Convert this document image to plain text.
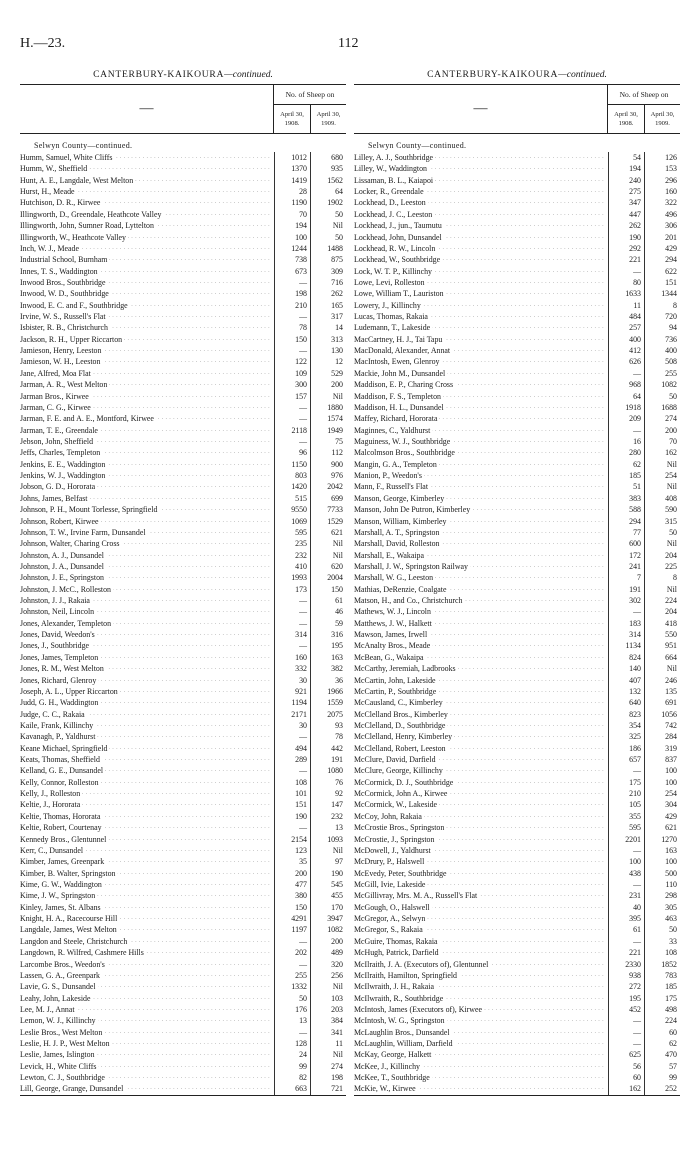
H.—23.	112
CANTERBURY-KAIKOURA—continued.
—
No. of Sheep on
April 30, 1908.
April 30, 1909.
Selwyn County—continued.
Humm, Samuel, White Cliffs . . .	1012	680
Humm, W., Sheffield . . .	1370	935
Hunt, A. E., Langdale, West Melton . . .	1419	1562
Hurst, H., Meade . . .	28	64
Hutchison, D. R., Kirwee . . .	1190	1902
Illingworth, D., Greendale, Heathcote Valley . . .	70	50
Illingworth, John, Sumner Road, Lyttelton . . .	194	Nil
Illingworth, W., Heathcote Valley . . .	100	50
Inch, W. J., Meade . . .	1244	1488
Industrial School, Burnham . . .	738	875
Innes, T. S., Waddington . . .	673	309
Inwood Bros., Southbridge . . .	—	716
Inwood, W. D., Southbridge . . .	198	262
Inwood, E. C. and F., Southbridge . . .	210	165
Irvine, W. S., Russell's Flat . . .	—	317
Isbister, R. B., Christchurch . . .	78	14
Jackson, R. H., Upper Riccarton . . .	150	313
Jamieson, Henry, Leeston . . .	—	130
Jamieson, W. H., Leeston . . .	122	12
Jane, Alfred, Moa Flat . . .	109	529
Jarman, A. R., West Melton . . .	300	200
Jarman Bros., Kirwee . . .	157	Nil
Jarman, C. G., Kirwee . . .	—	1880
Jarman, F. E. and A. E., Montford, Kirwee . . .	—	1574
Jarman, T. E., Greendale . . .	2118	1949
Jebson, John, Sheffield . . .	—	75
Jeffs, Charles, Templeton . . .	96	112
Jenkins, E. E., Waddington . . .	1150	900
Jenkins, W. J., Waddington . . .	803	976
Jobson, G. D., Hororata . . .	1420	2042
Johns, James, Belfast . . .	515	699
Johnson, P. H., Mount Torlesse, Springfield . . .	9550	7733
Johnson, Robert, Kirwee . . .	1069	1529
Johnson, T. W., Irvine Farm, Dunsandel . . .	595	621
Johnson, Walter, Charing Cross . . .	235	Nil
Johnston, A. J., Dunsandel . . .	232	Nil
Johnston, J. A., Dunsandel . . .	410	620
Johnston, J. E., Springston . . .	1993	2004
Johnston, J. McC., Rolleston . . .	173	150
Johnston, J. J., Rakaia . . .	—	61
Johnston, Neil, Lincoln . . .	—	46
Jones, Alexander, Templeton . . .	—	59
Jones, David, Weedon's . . .	314	316
Jones, J., Southbridge . . .	—	195
Jones, James, Templeton . . .	160	163
Jones, R. M., West Melton . . .	332	382
Jones, Richard, Glenroy . . .	30	36
Joseph, A. L., Upper Riccarton . . .	921	1966
Judd, G. H., Waddington . . .	1194	1559
Judge, C. C., Rakaia . . .	2171	2075
Kaile, Frank, Killinchy . . .	30	93
Kavanagh, P., Yaldhurst . . .	—	78
Keane Michael, Springfield . . .	494	442
Keats, Thomas, Sheffield . . .	289	191
Kelland, G. E., Dunsandel . . .	—	1080
Kelly, Connor, Rolleston . . .	108	76
Kelly, J., Rolleston . . .	101	92
Keltie, J., Hororata . . .	151	147
Keltie, Thomas, Hororata . . .	190	232
Keltie, Robert, Courtenay . . .	—	13
Kennedy Bros., Glentunnel . . .	2154	1093
Kerr, C., Dunsandel . . .	123	Nil
Kimber, James, Greenpark . . .	35	97
Kimber, B. Walter, Springston . . .	200	190
Kime, G. W., Waddington . . .	477	545
Kime, J. W., Springston . . .	380	455
Kinley, James, St. Albans . . .	150	170
Knight, H. A., Racecourse Hill . . .	4291	3947
Langdale, James, West Melton . . .	1197	1082
Langdon and Steele, Christchurch . . .	—	200
Langdown, R. Wilfred, Cashmere Hills . . .	202	489
Larcombe Bros., Weedon's . . .	—	320
Lassen, G. A., Greenpark . . .	255	256
Lavie, G. S., Dunsandel . . .	1332	Nil
Leahy, John, Lakeside . . .	50	103
Lee, M. J., Annat . . .	176	203
Lemon, W. J., Killinchy . . .	13	384
Leslie Bros., West Melton . . .	—	341
Leslie, H. J. P., West Melton . . .	128	11
Leslie, James, Islington . . .	24	Nil
Levick, H., White Cliffs . . .	99	274
Lewton, C. J., Southbridge . . .	82	198
Lill, George, Grange, Dunsandel . . .	663	721
CANTERBURY-KAIKOURA—continued.
—
No. of Sheep on
April 30, 1908.
April 30, 1909.
Selwyn County—continued.
Lilley, A. J., Southbridge . . .	54	126
Lilley, W., Waddington . . .	194	153
Lissaman, B. L., Kaiapoi . . .	240	296
Locker, R., Greendale . . .	275	160
Lockhead, D., Leeston . . .	347	322
Lockhead, J. C., Leeston . . .	447	496
Lockhead, J., jun., Taumutu . . .	262	306
Lockhead, John, Dunsandel . . .	190	201
Lockhead, R. W., Lincoln . . .	292	429
Lockhead, W., Southbridge . . .	221	294
Lock, W. T. P., Killinchy . . .	—	622
Lowe, Levi, Rolleston . . .	80	151
Lowe, William T., Lauriston . . .	1633	1344
Lowery, J., Killinchy . . .	11	8
Lucas, Thomas, Rakaia . . .	484	720
Ludemann, T., Lakeside . . .	257	94
MacCartney, H. J., Tai Tapu . . .	400	736
MacDonald, Alexander, Annat . . .	412	400
MacIntosh, Ewen, Glenroy . . .	626	508
Mackie, John M., Dunsandel . . .	—	255
Maddison, E. P., Charing Cross . . .	968	1082
Maddison, F. S., Templeton . . .	64	50
Maddison, H. L., Dunsandel . . .	1918	1688
Maffey, Richard, Hororata . . .	209	274
Maginnes, C., Yaldhurst . . .	—	200
Maguiness, W. J., Southbridge . . .	16	70
Malcolmson Bros., Southbridge . . .	280	162
Mangin, G. A., Templeton . . .	62	Nil
Manion, P., Weedon's . . .	185	254
Mann, F., Russell's Flat . . .	51	Nil
Manson, George, Kimberley . . .	383	408
Manson, John De Putron, Kimberley . . .	588	590
Manson, William, Kimberley . . .	294	315
Marshall, A. T., Springston . . .	77	50
Marshall, David, Rolleston . . .	600	Nil
Marshall, E., Wakaipa . . .	172	204
Marshall, J. W., Springston Railway . . .	241	225
Marshall, W. G., Leeston . . .	7	8
Mathias, DeRenzie, Coalgate . . .	191	Nil
Matson, H., and Co., Christchurch . . .	302	224
Mathews, W. J., Lincoln . . .	—	204
Matthews, J. W., Halkett . . .	183	418
Mawson, James, Irwell . . .	314	550
McAnalty Bros., Meade . . .	1134	951
McBean, G., Wakaipa . . .	824	664
McCarthy, Jeremiah, Ladbrooks . . .	140	Nil
McCartin, John, Lakeside . . .	407	246
McCartin, P., Southbridge . . .	132	135
McCausland, C., Kimberley . . .	640	691
McClelland Bros., Kimberley . . .	823	1056
McClelland, D., Southbridge . . .	354	742
McClelland, Henry, Kimberley . . .	325	284
McClelland, Robert, Leeston . . .	186	319
McClure, David, Darfield . . .	657	837
McClure, George, Killinchy . . .	—	100
McCormick, D. J., Southbridge . . .	175	100
McCormick, John A., Kirwee . . .	210	254
McCormick, W., Lakeside . . .	105	304
McCoy, John, Rakaia . . .	355	429
McCrostie Bros., Springston . . .	595	621
McCrostie, J., Springston . . .	2201	1270
McDowell, J., Yaldhurst . . .	—	163
McDrury, P., Halswell . . .	100	100
McEvedy, Peter, Southbridge . . .	438	500
McGill, Ivie, Lakeside . . .	—	110
McGillivray, Mrs. M. A., Russell's Flat . . .	231	298
McGough, O., Halswell . . .	40	305
McGregor, A., Selwyn . . .	395	463
McGregor, S., Rakaia . . .	61	50
McGuire, Thomas, Rakaia . . .	—	33
McHugh, Patrick, Darfield . . .	221	108
McIlraith, J. A. (Executors of), Glentunnel . . .	2330	1852
McIlraith, Hamilton, Springfield . . .	938	783
McIlwraith, J. H., Rakaia . . .	272	185
McIlwraith, R., Southbridge . . .	195	175
McIntosh, James (Executors of), Kirwee . . .	452	498
McIntosh, W. G., Springston . . .	—	224
McLaughlin Bros., Dunsandel . . .	—	60
McLaughlin, William, Darfield . . .	—	62
McKay, George, Halkett . . .	625	470
McKee, J., Killinchy . . .	56	57
McKee, T., Southbridge . . .	60	99
McKie, W., Kirwee . . .	162	252
